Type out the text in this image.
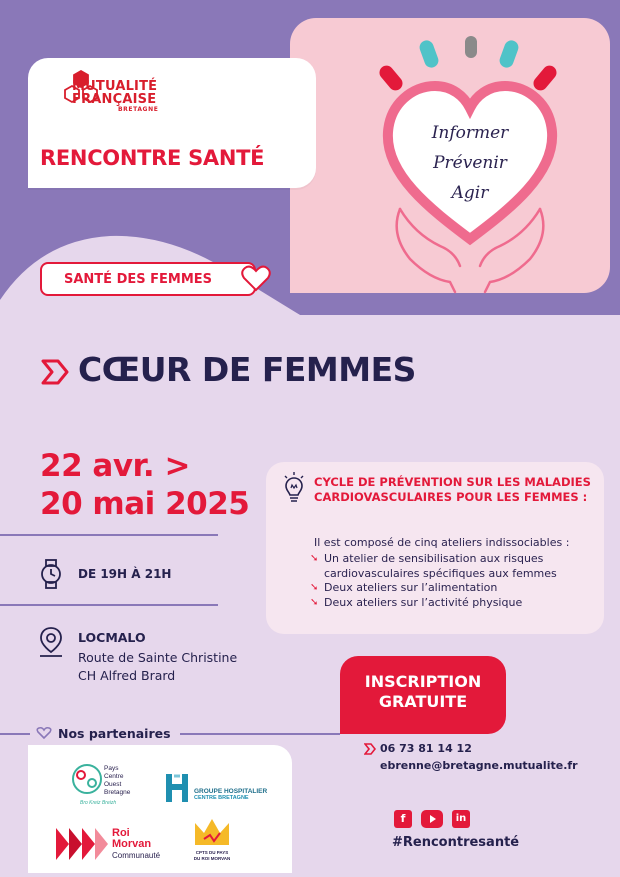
Informer
Prévenir
Agir
MUTUALITÉ
FRANÇAISE
BRETAGNE
RENCONTRE SANTÉ
SANTÉ DES FEMMES
CŒUR DE FEMMES
22 avr. >
20 mai 2025
DE 19H À 21H
LOCMALO
Route de Sainte Christine
CH Alfred Brard
CYCLE DE PRÉVENTION SUR LES MALADIES CARDIOVASCULAIRES POUR LES FEMMES :
Il est composé de cinq ateliers indissociables :
➘ Un atelier de sensibilisation aux risques cardiovasculaires spécifiques aux femmes
➘ Deux ateliers sur l’alimentation
➘ Deux ateliers sur l’activité physique
INSCRIPTION
GRATUITE
Nos partenaires
Pays
Centre
Ouest
Bretagne
Bro Kreiz Breizh
GROUPE HOSPITALIER
CENTRE BRETAGNE
Roi
Morvan
Communauté	CPTS DU PAYS
DU ROI MORVAN
06 73 81 14 12
ebrenne@bretagne.mutualite.fr
f	in
#Rencontresanté
